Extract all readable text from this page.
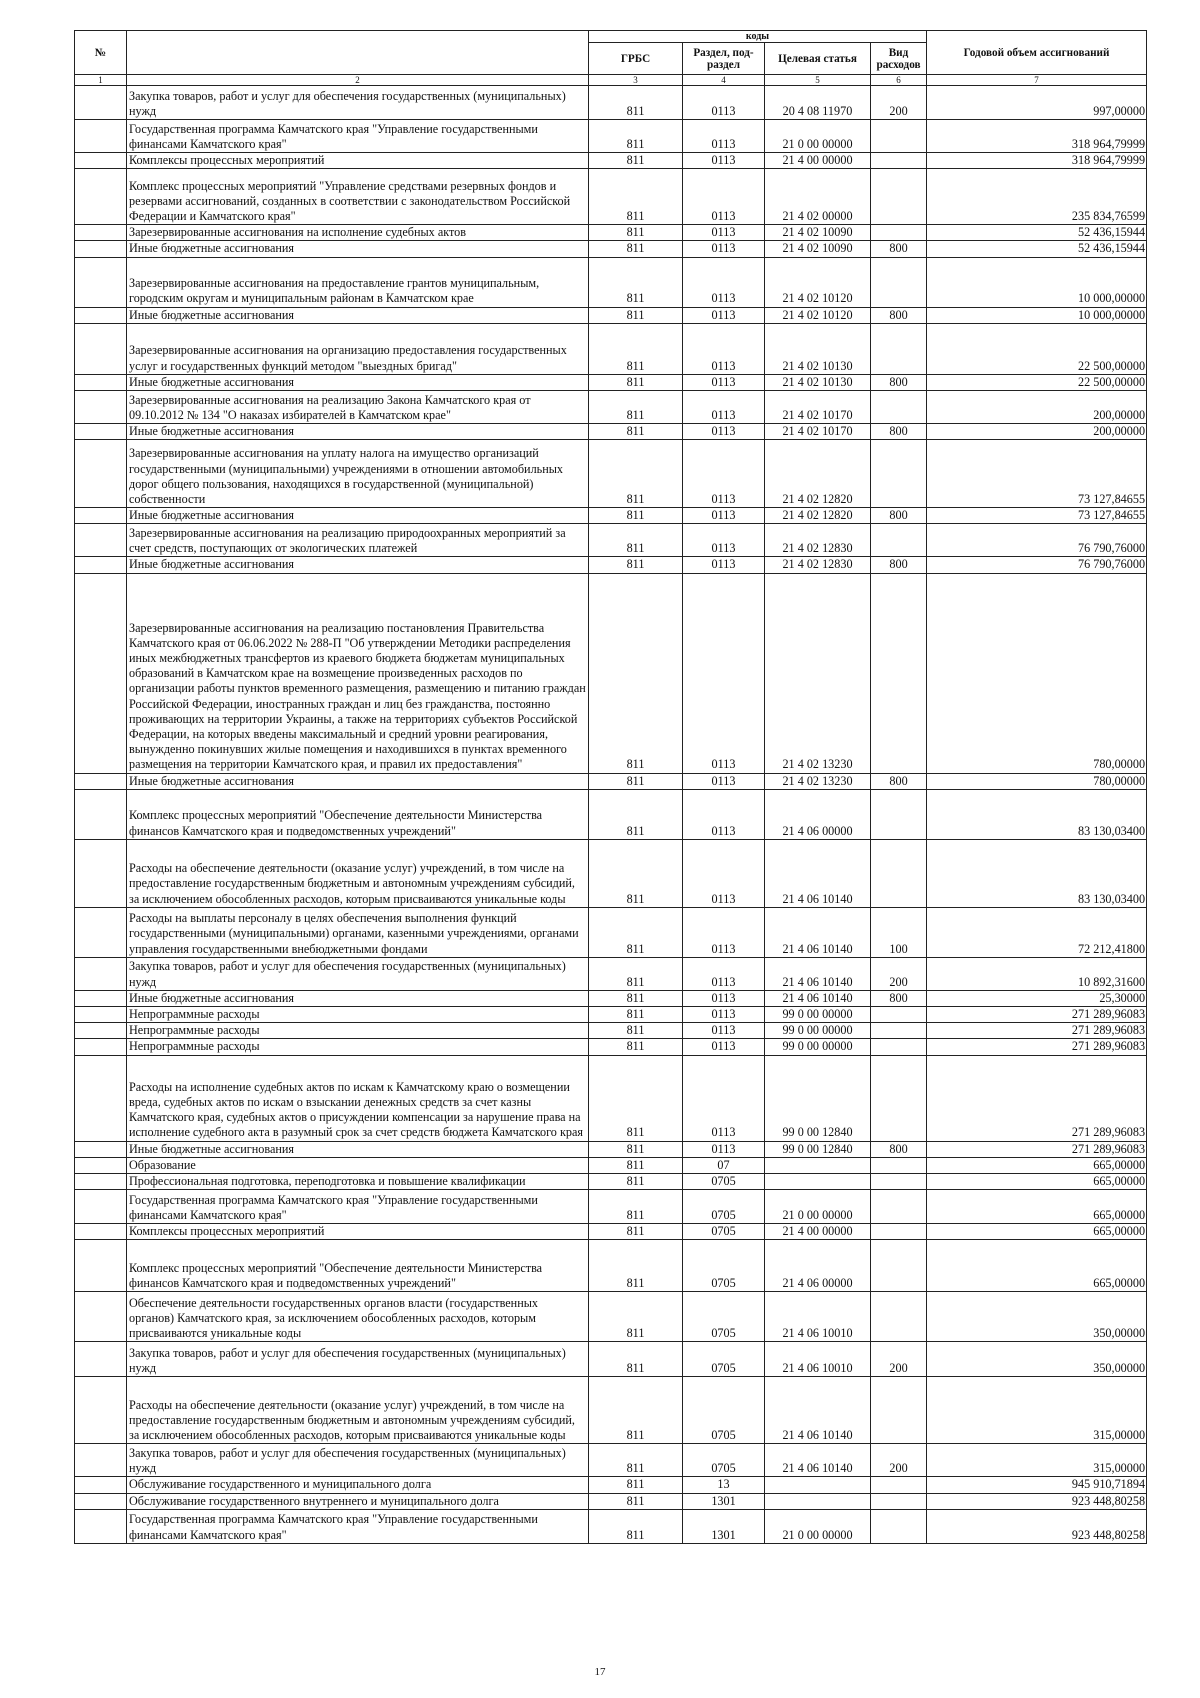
№		коды				Годовой объем ассигнований
		ГРБС	Раздел, под-раздел	Целевая статья	Вид расходов	
1	2	3	4	5	6	7
	Закупка товаров, работ и услуг для обеспечения государственных (муниципальных) нужд	811	0113	20 4 08 11970	200	997,00000
	Государственная программа Камчатского края "Управление государственными финансами Камчатского края"	811	0113	21 0 00 00000		318 964,79999
	Комплексы процессных мероприятий	811	0113	21 4 00 00000		318 964,79999
	Комплекс процессных мероприятий "Управление средствами резервных фондов и резервами ассигнований, созданных в соответствии с законодательством Российской Федерации и Камчатского края"	811	0113	21 4 02 00000		235 834,76599
	Зарезервированные ассигнования на исполнение судебных актов	811	0113	21 4 02 10090		52 436,15944
	Иные бюджетные ассигнования	811	0113	21 4 02 10090	800	52 436,15944
	Зарезервированные ассигнования на предоставление грантов муниципальным, городским округам и муниципальным районам в Камчатском крае	811	0113	21 4 02 10120		10 000,00000
	Иные бюджетные ассигнования	811	0113	21 4 02 10120	800	10 000,00000
	Зарезервированные ассигнования на организацию предоставления государственных услуг и государственных функций методом "выездных бригад"	811	0113	21 4 02 10130		22 500,00000
	Иные бюджетные ассигнования	811	0113	21 4 02 10130	800	22 500,00000
	Зарезервированные ассигнования на реализацию Закона Камчатского края от 09.10.2012 № 134 "О наказах избирателей в Камчатском крае"	811	0113	21 4 02 10170		200,00000
	Иные бюджетные ассигнования	811	0113	21 4 02 10170	800	200,00000
	Зарезервированные ассигнования на уплату налога на имущество организаций государственными (муниципальными) учреждениями в отношении автомобильных дорог общего пользования, находящихся в государственной (муниципальной) собственности	811	0113	21 4 02 12820		73 127,84655
	Иные бюджетные ассигнования	811	0113	21 4 02 12820	800	73 127,84655
	Зарезервированные ассигнования на реализацию природоохранных мероприятий за счет средств, поступающих от экологических платежей	811	0113	21 4 02 12830		76 790,76000
	Иные бюджетные ассигнования	811	0113	21 4 02 12830	800	76 790,76000
	Зарезервированные ассигнования на реализацию постановления Правительства Камчатского края от 06.06.2022 № 288-П "Об утверждении Методики распределения иных межбюджетных трансфертов из краевого бюджета бюджетам муниципальных образований в Камчатском крае на возмещение произведенных расходов по организации работы пунктов временного размещения, размещению и питанию граждан Российской Федерации, иностранных граждан и лиц без гражданства, постоянно проживающих на территории Украины, а также на территориях субъектов Российской Федерации, на которых введены максимальный и средний уровни реагирования, вынужденно покинувших жилые помещения и находившихся в пунктах временного размещения на территории Камчатского края, и правил их предоставления"	811	0113	21 4 02 13230		780,00000
	Иные бюджетные ассигнования	811	0113	21 4 02 13230	800	780,00000
	Комплекс процессных мероприятий "Обеспечение деятельности Министерства финансов Камчатского края и подведомственных учреждений"	811	0113	21 4 06 00000		83 130,03400
	Расходы на обеспечение деятельности (оказание услуг) учреждений, в том числе на предоставление государственным бюджетным и автономным учреждениям субсидий, за исключением обособленных расходов, которым присваиваются уникальные коды	811	0113	21 4 06 10140		83 130,03400
	Расходы на выплаты персоналу в целях обеспечения выполнения функций государственными (муниципальными) органами, казенными учреждениями, органами управления государственными внебюджетными фондами	811	0113	21 4 06 10140	100	72 212,41800
	Закупка товаров, работ и услуг для обеспечения государственных (муниципальных) нужд	811	0113	21 4 06 10140	200	10 892,31600
	Иные бюджетные ассигнования	811	0113	21 4 06 10140	800	25,30000
	Непрограммные расходы	811	0113	99 0 00 00000		271 289,96083
	Непрограммные расходы	811	0113	99 0 00 00000		271 289,96083
	Непрограммные расходы	811	0113	99 0 00 00000		271 289,96083
	Расходы на исполнение судебных актов по искам к Камчатскому краю о возмещении вреда, судебных актов по искам о взыскании денежных средств за счет казны Камчатского края, судебных актов о присуждении компенсации за нарушение права на исполнение судебного акта в разумный срок за счет средств бюджета Камчатского края	811	0113	99 0 00 12840		271 289,96083
	Иные бюджетные ассигнования	811	0113	99 0 00 12840	800	271 289,96083
	Образование	811	07			665,00000
	Профессиональная подготовка, переподготовка и повышение квалификации	811	0705			665,00000
	Государственная программа Камчатского края "Управление государственными финансами Камчатского края"	811	0705	21 0 00 00000		665,00000
	Комплексы процессных мероприятий	811	0705	21 4 00 00000		665,00000
	Комплекс процессных мероприятий "Обеспечение деятельности Министерства финансов Камчатского края и подведомственных учреждений"	811	0705	21 4 06 00000		665,00000
	Обеспечение деятельности государственных органов власти (государственных органов) Камчатского края, за исключением обособленных расходов, которым присваиваются уникальные коды	811	0705	21 4 06 10010		350,00000
	Закупка товаров, работ и услуг для обеспечения государственных (муниципальных) нужд	811	0705	21 4 06 10010	200	350,00000
	Расходы на обеспечение деятельности (оказание услуг) учреждений, в том числе на предоставление государственным бюджетным и автономным учреждениям субсидий, за исключением обособленных расходов, которым присваиваются уникальные коды	811	0705	21 4 06 10140		315,00000
	Закупка товаров, работ и услуг для обеспечения государственных (муниципальных) нужд	811	0705	21 4 06 10140	200	315,00000
	Обслуживание государственного и муниципального долга	811	13			945 910,71894
	Обслуживание государственного внутреннего и муниципального долга	811	1301			923 448,80258
	Государственная программа Камчатского края "Управление государственными финансами Камчатского края"	811	1301	21 0 00 00000		923 448,80258
17
